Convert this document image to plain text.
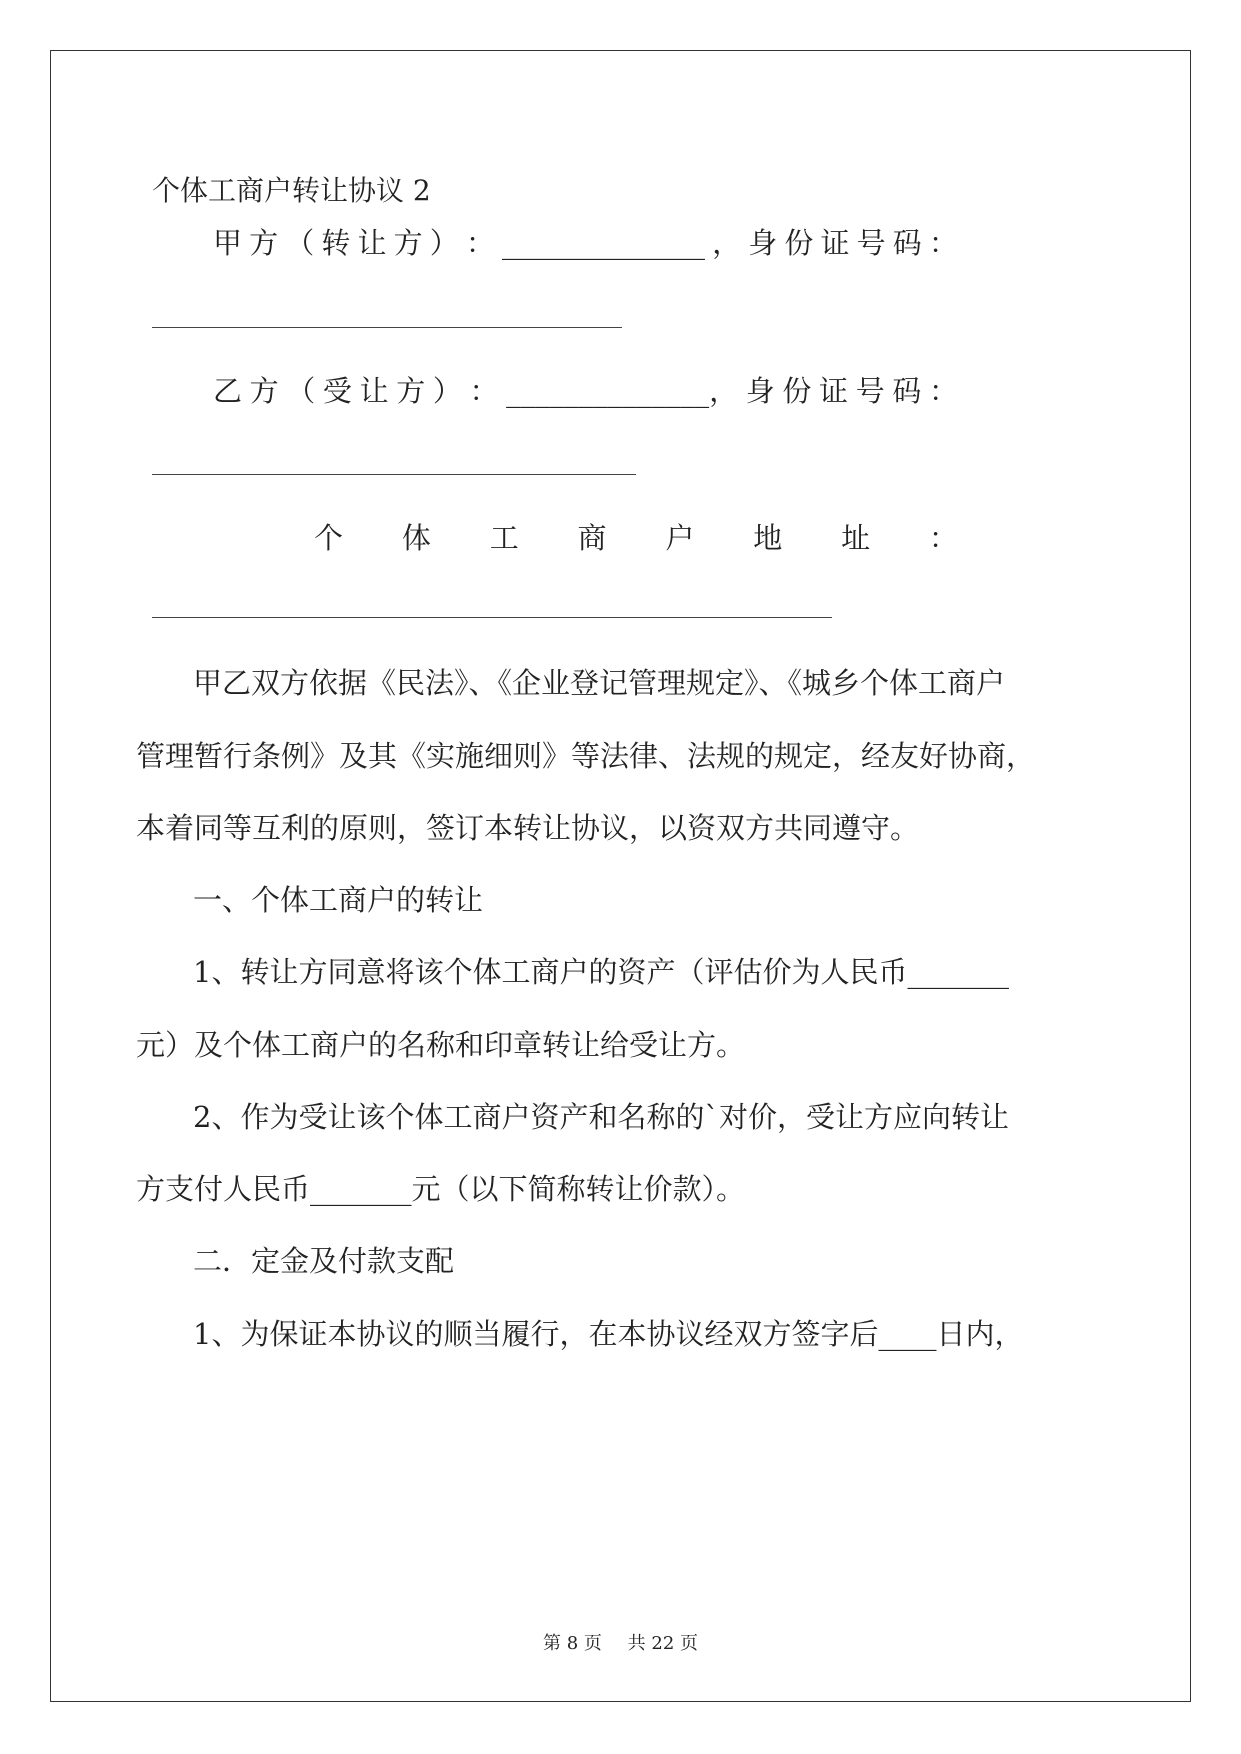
个体工商户转让协议 2
甲 方 （ 转 让 方 ） ： ______________ ， 身 份 证 号 码 ：
乙 方 （ 受 让 方 ） ： ______________， 身 份 证 号 码 ：
个 体 工 商 户 地 址 ：
甲乙双方依据《民法》、《企业登记管理规定》、《城乡个体工商户
管理暂行条例》及其《实施细则》等法律、法规的规定，经友好协商，
本着同等互利的原则，签订本转让协议，以资双方共同遵守。
一、个体工商户的转让
1、转让方同意将该个体工商户的资产（评估价为人民币_______
元）及个体工商户的名称和印章转让给受让方。
2、作为受让该个体工商户资产和名称的`对价，受让方应向转让
方支付人民币_______元（以下简称转让价款）。
二．定金及付款支配
1、为保证本协议的顺当履行，在本协议经双方签字后____日内，
第 8 页 共 22 页
